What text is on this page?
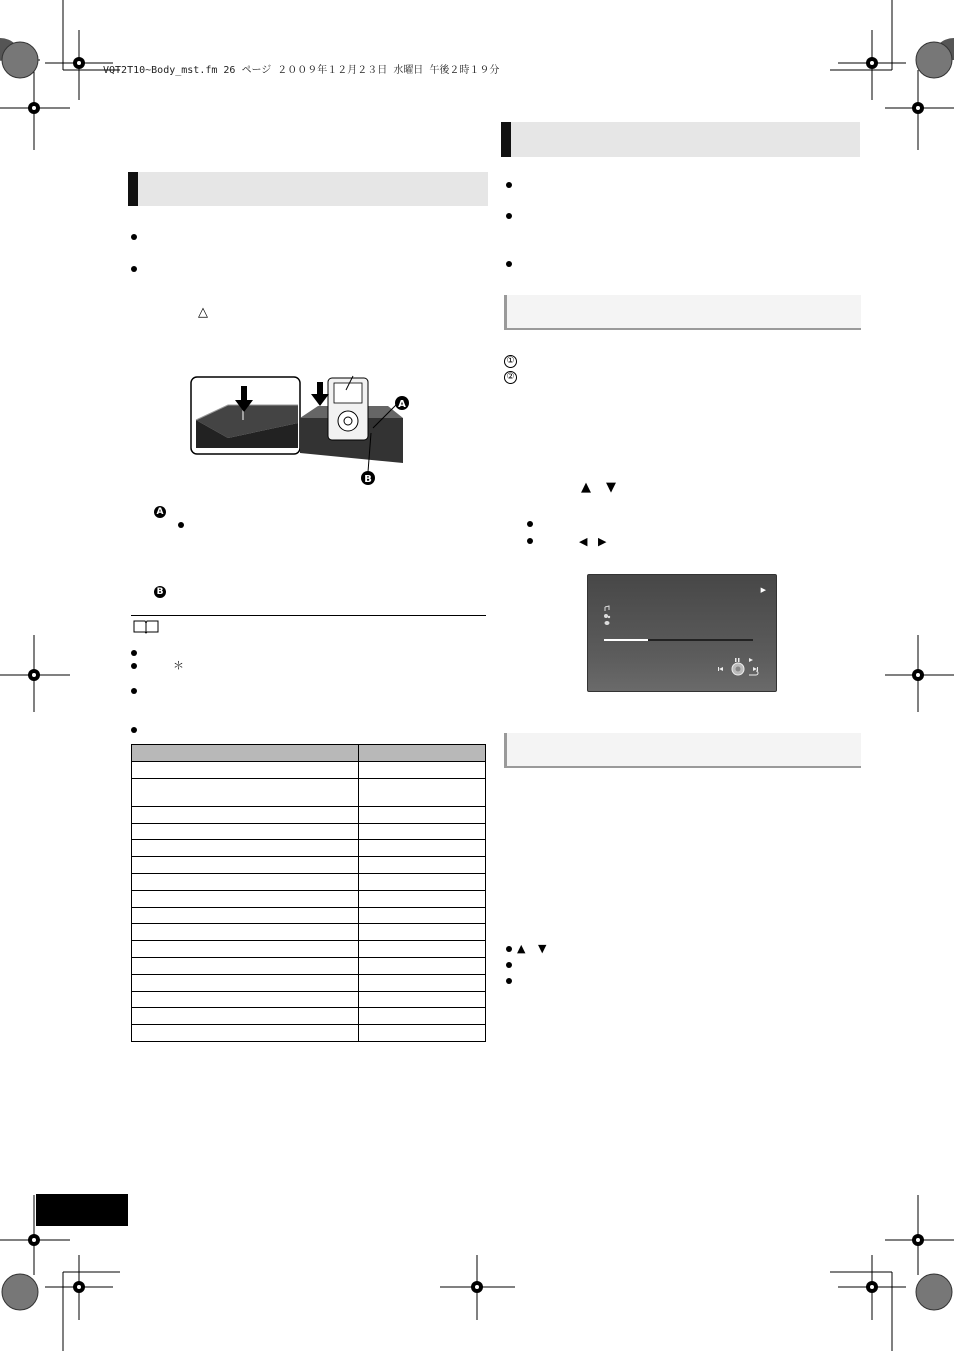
VQT2T10~Body_mst.fm 26 ページ ２００９年１２月２３日 水曜日 午後２時１９分
△
A
B
A
B
＊

①
②
▲ ▼
◀ ▶
▶
▲ ▼
